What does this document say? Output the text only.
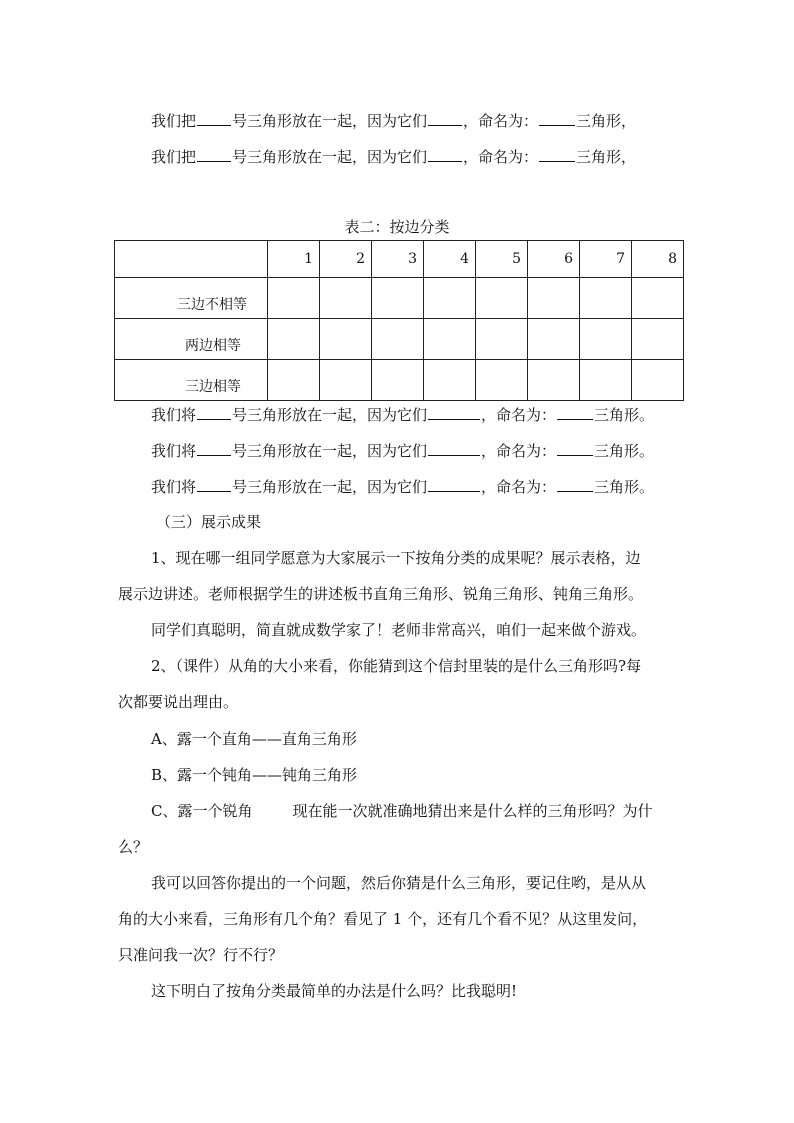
我们把 号三角形放在一起，因为它们 ，命名为：	三角形，
我们把 号三角形放在一起，因为它们 ，命名为：	三角形，
表二：按边分类
	1	2	3	4	5	6	7	8
三边不相等								
两边相等								
三边相等								
我们将 号三角形放在一起，因为它们	，命名为：	三角形。
我们将 号三角形放在一起，因为它们	，命名为：	三角形。
我们将 号三角形放在一起，因为它们	，命名为：	三角形。
（三）展示成果
1、现在哪一组同学愿意为大家展示一下按角分类的成果呢？展示表格，边
展示边讲述。老师根据学生的讲述板书直角三角形、锐角三角形、钝角三角形。
同学们真聪明，简直就成数学家了！老师非常高兴，咱们一起来做个游戏。
2、（课件）从角的大小来看，你能猜到这个信封里装的是什么三角形吗?每
次都要说出理由。
A、露一个直角——直角三角形
B、露一个钝角——钝角三角形
C、露一个锐角	现在能一次就准确地猜出来是什么样的三角形吗？为什
么？
我可以回答你提出的一个问题，然后你猜是什么三角形，要记住哟，是从从
角的大小来看，三角形有几个角？看见了 1 个，还有几个看不见？从这里发问，
只准问我一次？行不行？
这下明白了按角分类最简单的办法是什么吗？比我聪明!
